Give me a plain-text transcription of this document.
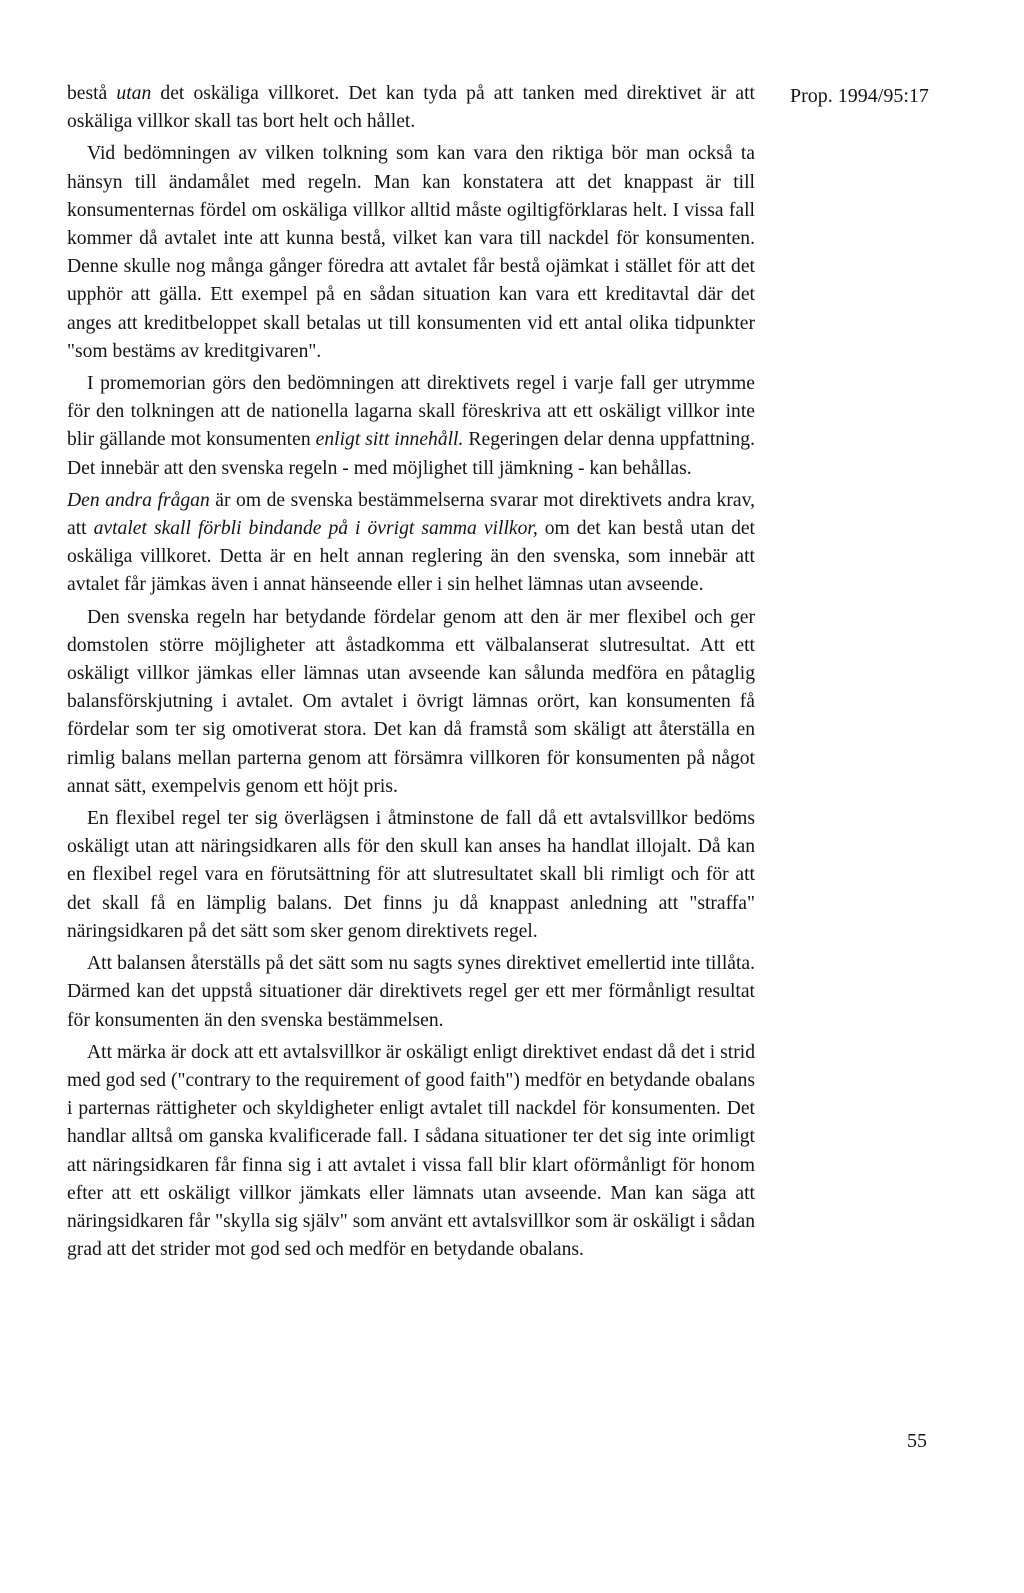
Prop. 1994/95:17

bestå utan det oskäliga villkoret. Det kan tyda på att tanken med direktivet är att oskäliga villkor skall tas bort helt och hållet.

Vid bedömningen av vilken tolkning som kan vara den riktiga bör man också ta hänsyn till ändamålet med regeln. Man kan konstatera att det knappast är till konsumenternas fördel om oskäliga villkor alltid måste ogiltigförklaras helt. I vissa fall kommer då avtalet inte att kunna bestå, vilket kan vara till nackdel för konsumenten. Denne skulle nog många gånger föredra att avtalet får bestå ojämkat i stället för att det upphör att gälla. Ett exempel på en sådan situation kan vara ett kreditavtal där det anges att kreditbeloppet skall betalas ut till konsumenten vid ett antal olika tidpunkter "som bestäms av kreditgivaren".

I promemorian görs den bedömningen att direktivets regel i varje fall ger utrymme för den tolkningen att de nationella lagarna skall föreskriva att ett oskäligt villkor inte blir gällande mot konsumenten enligt sitt innehåll. Regeringen delar denna uppfattning. Det innebär att den svenska regeln - med möjlighet till jämkning - kan behållas.

Den andra frågan är om de svenska bestämmelserna svarar mot direktivets andra krav, att avtalet skall förbli bindande på i övrigt samma villkor, om det kan bestå utan det oskäliga villkoret. Detta är en helt annan reglering än den svenska, som innebär att avtalet får jämkas även i annat hänseende eller i sin helhet lämnas utan avseende.

Den svenska regeln har betydande fördelar genom att den är mer flexibel och ger domstolen större möjligheter att åstadkomma ett välbalanserat slutresultat. Att ett oskäligt villkor jämkas eller lämnas utan avseende kan sålunda medföra en påtaglig balansförskjutning i avtalet. Om avtalet i övrigt lämnas orört, kan konsumenten få fördelar som ter sig omotiverat stora. Det kan då framstå som skäligt att återställa en rimlig balans mellan parterna genom att försämra villkoren för konsumenten på något annat sätt, exempelvis genom ett höjt pris.

En flexibel regel ter sig överlägsen i åtminstone de fall då ett avtalsvillkor bedöms oskäligt utan att näringsidkaren alls för den skull kan anses ha handlat illojalt. Då kan en flexibel regel vara en förutsättning för att slutresultatet skall bli rimligt och för att det skall få en lämplig balans. Det finns ju då knappast anledning att "straffa" näringsidkaren på det sätt som sker genom direktivets regel.

Att balansen återställs på det sätt som nu sagts synes direktivet emellertid inte tillåta. Därmed kan det uppstå situationer där direktivets regel ger ett mer förmånligt resultat för konsumenten än den svenska bestämmelsen.

Att märka är dock att ett avtalsvillkor är oskäligt enligt direktivet endast då det i strid med god sed ("contrary to the requirement of good faith") medför en betydande obalans i parternas rättigheter och skyldigheter enligt avtalet till nackdel för konsumenten. Det handlar alltså om ganska kvalificerade fall. I sådana situationer ter det sig inte orimligt att näringsidkaren får finna sig i att avtalet i vissa fall blir klart oförmånligt för honom efter att ett oskäligt villkor jämkats eller lämnats utan avseende. Man kan säga att näringsidkaren får "skylla sig själv" som använt ett avtalsvillkor som är oskäligt i sådan grad att det strider mot god sed och medför en betydande obalans.

55
